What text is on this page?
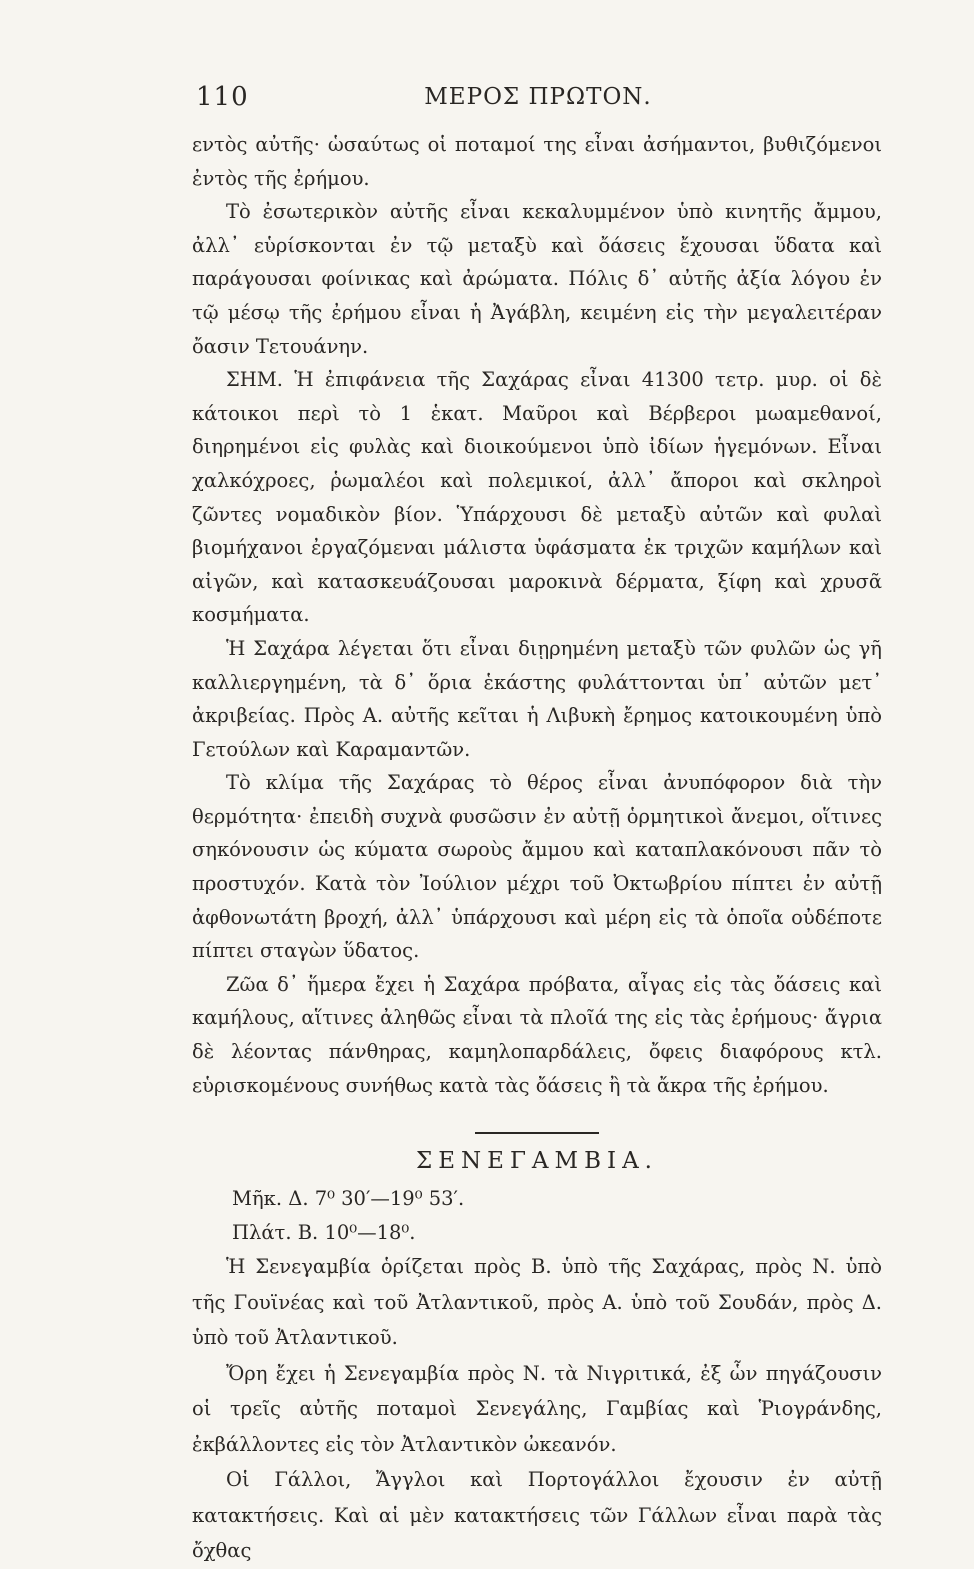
110	ΜΕΡΟΣ ΠΡΩΤΟΝ.

εντὸς αὐτῆς· ὡσαύτως οἱ ποταμοί της εἶναι ἀσήμαντοι, βυθιζόμενοι ἐντὸς τῆς ἐρήμου.

Τὸ ἐσωτερικὸν αὐτῆς εἶναι κεκαλυμμένον ὑπὸ κινητῆς ἄμμου, ἀλλ᾽ εὑρίσκονται ἐν τῷ μεταξὺ καὶ ὄάσεις ἔχουσαι ὕδατα καὶ παράγουσαι φοίνικας καὶ ἀρώματα. Πόλις δ᾽ αὐτῆς ἀξία λόγου ἐν τῷ μέσῳ τῆς ἐρήμου εἶναι ἡ Ἀγάβλη, κειμένη εἰς τὴν μεγαλειτέραν ὄασιν Τετουάνην.

ΣΗΜ. Ἡ ἐπιφάνεια τῆς Σαχάρας εἶναι 41300 τετρ. μυρ. οἱ δὲ κάτοικοι περὶ τὸ 1 ἑκατ. Μαῦροι καὶ Βέρβεροι μωαμεθανοί, διηρημένοι εἰς φυλὰς καὶ διοικούμενοι ὑπὸ ἰδίων ἡγεμόνων. Εἶναι χαλκόχροες, ῥωμαλέοι καὶ πολεμικοί, ἀλλ᾽ ἄποροι καὶ σκληροὶ ζῶντες νομαδικὸν βίον. Ὑπάρχουσι δὲ μεταξὺ αὐτῶν καὶ φυλαὶ βιομήχανοι ἐργαζόμεναι μάλιστα ὑφάσματα ἐκ τριχῶν καμήλων καὶ αἰγῶν, καὶ κατασκευάζουσαι μαροκινὰ δέρματα, ξίφη καὶ χρυσᾶ κοσμήματα.

Ἡ Σαχάρα λέγεται ὅτι εἶναι διῃρημένη μεταξὺ τῶν φυλῶν ὡς γῆ καλλιεργημένη, τὰ δ᾽ ὅρια ἑκάστης φυλάττονται ὑπ᾽ αὐτῶν μετ᾽ ἀκριβείας. Πρὸς Α. αὐτῆς κεῖται ἡ Λιβυκὴ ἔρημος κατοικουμένη ὑπὸ Γετούλων καὶ Καραμαντῶν.

Τὸ κλίμα τῆς Σαχάρας τὸ θέρος εἶναι ἀνυπόφορον διὰ τὴν θερμότητα· ἐπειδὴ συχνὰ φυσῶσιν ἐν αὐτῇ ὁρμητικοὶ ἄνεμοι, οἵτινες σηκόνουσιν ὡς κύματα σωροὺς ἄμμου καὶ καταπλακόνουσι πᾶν τὸ προστυχόν. Κατὰ τὸν Ἰούλιον μέχρι τοῦ Ὀκτωβρίου πίπτει ἐν αὐτῇ ἀφθονωτάτη βροχή, ἀλλ᾽ ὑπάρχουσι καὶ μέρη εἰς τὰ ὁποῖα οὐδέποτε πίπτει σταγὼν ὕδατος.

Ζῶα δ᾽ ἥμερα ἔχει ἡ Σαχάρα πρόβατα, αἶγας εἰς τὰς ὄάσεις καὶ καμήλους, αἵτινες ἀληθῶς εἶναι τὰ πλοῖά της εἰς τὰς ἐρήμους· ἄγρια δὲ λέοντας πάνθηρας, καμηλοπαρδάλεις, ὄφεις διαφόρους κτλ. εὑρισκομένους συνήθως κατὰ τὰς ὄάσεις ἢ τὰ ἄκρα τῆς ἐρήμου.

ΣΕΝΕΓΑΜΒΙΑ.

Μῆκ. Δ. 7⁰ 30′—19⁰ 53′.

Πλάτ. Β. 10⁰—18⁰.

Ἡ Σενεγαμβία ὁρίζεται πρὸς Β. ὑπὸ τῆς Σαχάρας, πρὸς Ν. ὑπὸ τῆς Γουϊνέας καὶ τοῦ Ἀτλαντικοῦ, πρὸς Α. ὑπὸ τοῦ Σουδάν, πρὸς Δ. ὑπὸ τοῦ Ἀτλαντικοῦ.

Ὄρη ἔχει ἡ Σενεγαμβία πρὸς Ν. τὰ Νιγριτικά, ἐξ ὧν πηγάζουσιν οἱ τρεῖς αὐτῆς ποταμοὶ Σενεγάλης, Γαμβίας καὶ Ῥιογράνδης, ἐκβάλλοντες εἰς τὸν Ἀτλαντικὸν ὠκεανόν.

Οἱ Γάλλοι, Ἄγγλοι καὶ Πορτογάλλοι ἔχουσιν ἐν αὐτῇ κατακτήσεις. Καὶ αἱ μὲν κατακτήσεις τῶν Γάλλων εἶναι παρὰ τὰς ὄχθας
